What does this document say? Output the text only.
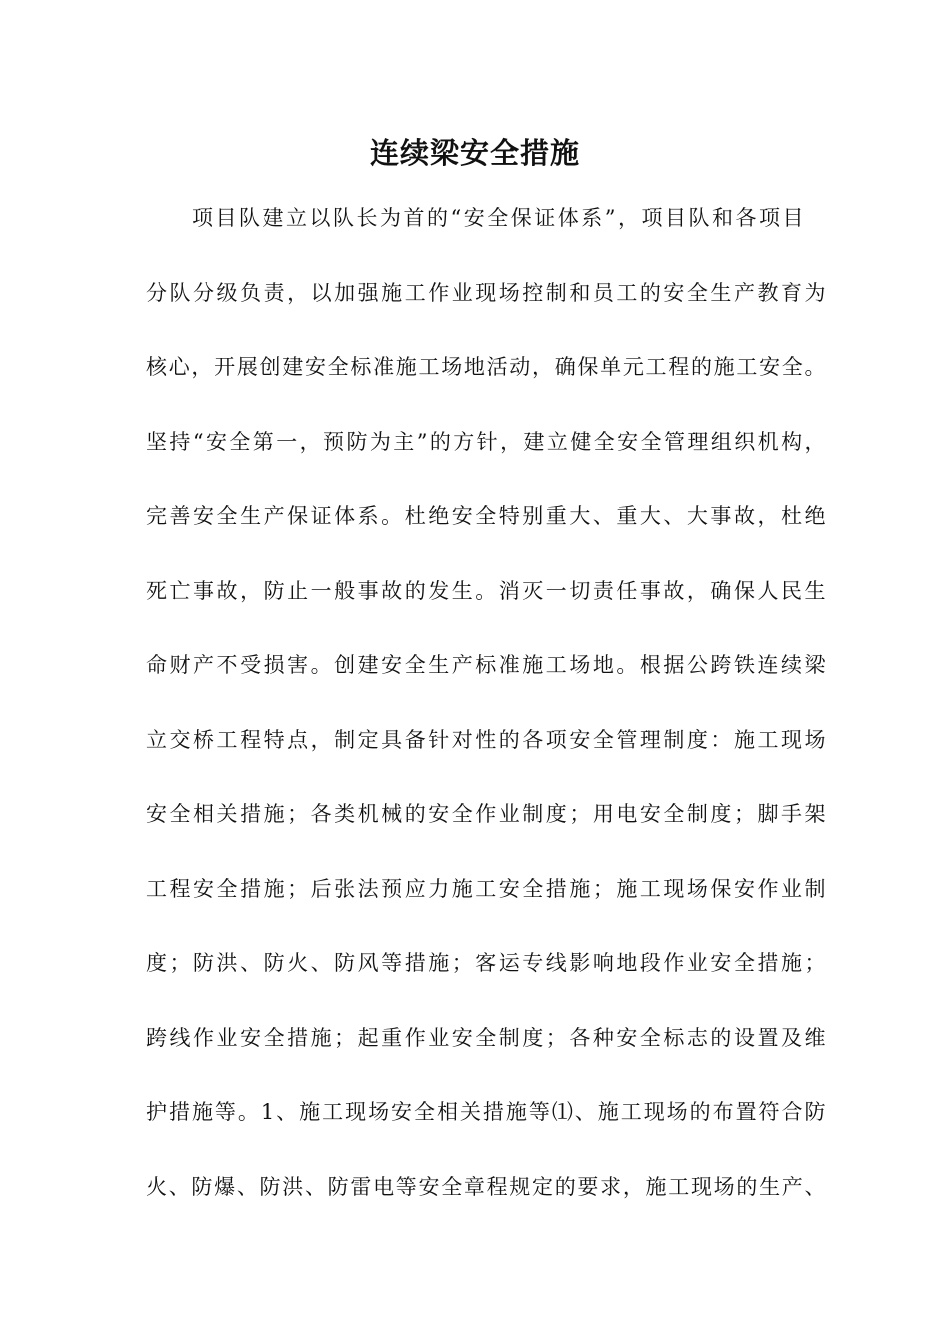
连续梁安全措施
项目队建立以队长为首的“安全保证体系”，项目队和各项目
分队分级负责，以加强施工作业现场控制和员工的安全生产教育为
核心，开展创建安全标准施工场地活动，确保单元工程的施工安全。
坚持“安全第一，预防为主”的方针，建立健全安全管理组织机构，
完善安全生产保证体系。杜绝安全特别重大、重大、大事故，杜绝
死亡事故，防止一般事故的发生。消灭一切责任事故，确保人民生
命财产不受损害。创建安全生产标准施工场地。根据公跨铁连续梁
立交桥工程特点，制定具备针对性的各项安全管理制度：施工现场
安全相关措施；各类机械的安全作业制度；用电安全制度；脚手架
工程安全措施；后张法预应力施工安全措施；施工现场保安作业制
度；防洪、防火、防风等措施；客运专线影响地段作业安全措施；
跨线作业安全措施；起重作业安全制度；各种安全标志的设置及维
护措施等。1、施工现场安全相关措施等⑴、施工现场的布置符合防
火、防爆、防洪、防雷电等安全章程规定的要求，施工现场的生产、
